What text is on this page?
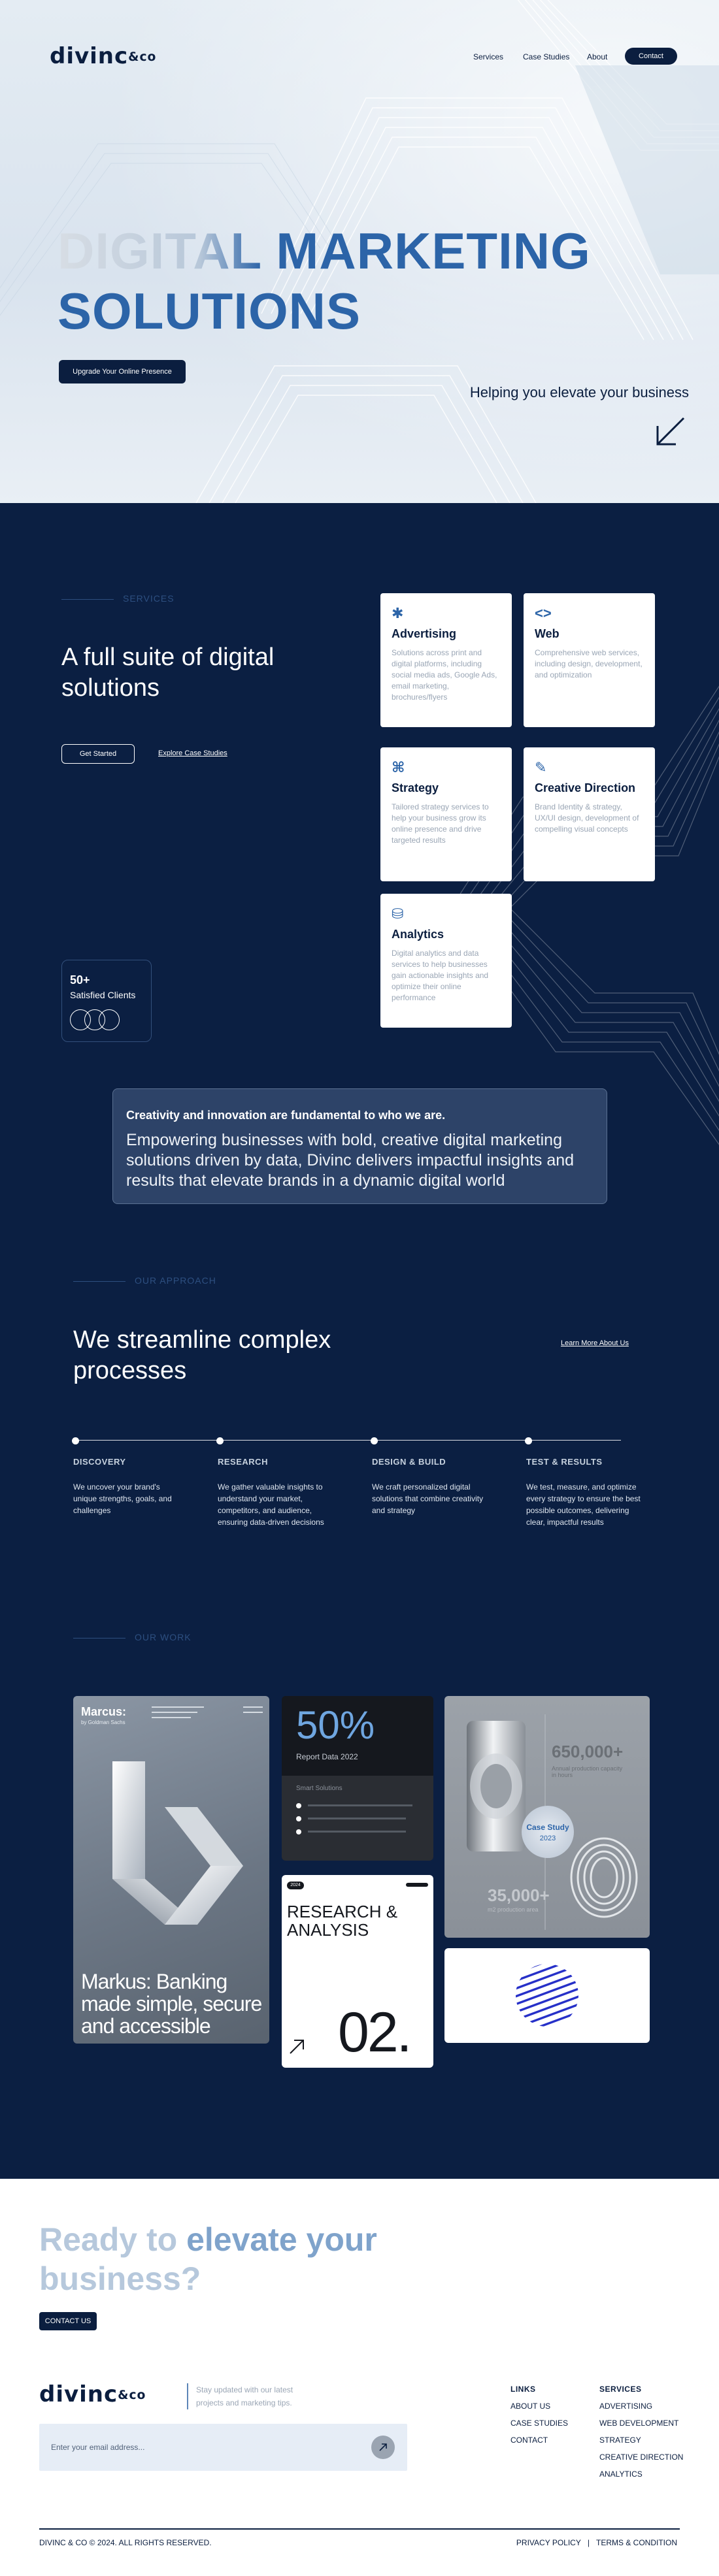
divinc&co	Services Case Studies About	Contact
DIGITAL MARKETING
SOLUTIONS
Upgrade Your Online Presence
Helping you elevate your business
SERVICES
A full suite of digital solutions
Get Started	Explore Case Studies
✱
Advertising

Solutions across print and digital platforms, including social media ads, Google Ads, email marketing, brochures/flyers

<>
Web

Comprehensive web services, including design, development, and optimization

⌘
Strategy

Tailored strategy services to help your business grow its online presence and drive targeted results

✎
Creative Direction

Brand Identity & strategy, UX/UI design, development of compelling visual concepts

⛁
Analytics

Digital analytics and data services to help businesses gain actionable insights and optimize their online performance

50+
Satisfied Clients
Creativity and innovation are fundamental to who we are.
Empowering businesses with bold, creative digital marketing solutions driven by data, Divinc delivers impactful insights and results that elevate brands in a dynamic digital world
OUR APPROACH
We streamline complex processes
Learn More About Us
DISCOVERY

We uncover your brand's unique strengths, goals, and challenges

RESEARCH

We gather valuable insights to understand your market, competitors, and audience, ensuring data-driven decisions

DESIGN & BUILD

We craft personalized digital solutions that combine creativity and strategy

TEST & RESULTS

We test, measure, and optimize every strategy to ensure the best possible outcomes, delivering clear, impactful results

OUR WORK
Marcus:
by Goldman Sachs
Markus: Banking made simple, secure and accessible
50%
Report Data 2022
Smart Solutions
650,000+
Annual production capacity in hours
Case Study
2023
35,000+
m2 production area
2024
RESEARCH & ANALYSIS
02.
Ready to elevate your
business?
CONTACT US
divinc&co	Stay updated with our latest projects and marketing tips.
Enter your email address...
LINKS
ABOUT US
CASE STUDIES
CONTACT
SERVICES
ADVERTISING
WEB DEVELOPMENT
STRATEGY
CREATIVE DIRECTION
ANALYTICS
DIVINC & CO © 2024. ALL RIGHTS RESERVED.	PRIVACY POLICY | TERMS & CONDITION
